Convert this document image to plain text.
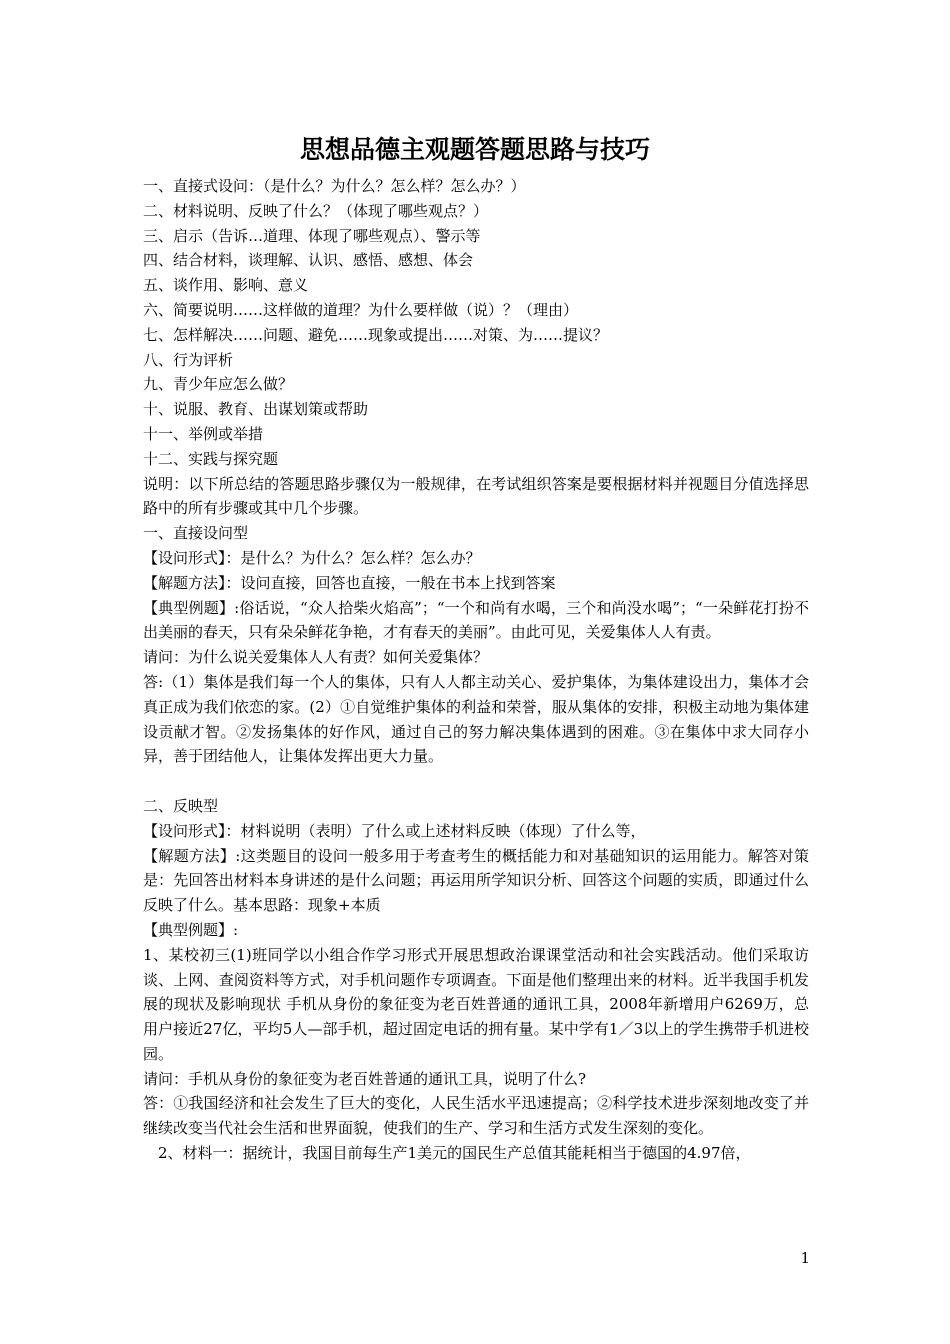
思想品德主观题答题思路与技巧

一、直接式设问：（是什么？为什么？怎么样？怎么办？）

二、材料说明、反映了什么？（体现了哪些观点？）

三、启示（告诉…道理、体现了哪些观点）、警示等

四、结合材料，谈理解、认识、感悟、感想、体会

五、谈作用、影响、意义

六、简要说明……这样做的道理？为什么要样做（说）？（理由）

七、怎样解决……问题、避免……现象或提出……对策、为……提议？

八、行为评析

九、青少年应怎么做？

十、说服、教育、出谋划策或帮助

十一、举例或举措

十二、实践与探究题

说明：以下所总结的答题思路步骤仅为一般规律，在考试组织答案是要根据材料并视题目分值选择思路中的所有步骤或其中几个步骤。

一、直接设问型

【设问形式】：是什么？为什么？怎么样？怎么办？

【解题方法】：设问直接，回答也直接，一般在书本上找到答案

【典型例题】:俗话说，“众人拾柴火焰高”；“一个和尚有水喝，三个和尚没水喝”；“一朵鲜花打扮不出美丽的春天，只有朵朵鲜花争艳，才有春天的美丽”。由此可见，关爱集体人人有责。

请问：为什么说关爱集体人人有责？如何关爱集体？

答:（1）集体是我们每一个人的集体，只有人人都主动关心、爱护集体，为集体建设出力，集体才会真正成为我们依恋的家。(2）①自觉维护集体的利益和荣誉，服从集体的安排，积极主动地为集体建设贡献才智。②发扬集体的好作风，通过自己的努力解决集体遇到的困难。③在集体中求大同存小异，善于团结他人，让集体发挥出更大力量。

二、反映型

【设问形式】：材料说明（表明）了什么或上述材料反映（体现）了什么等，

【解题方法】:这类题目的设问一般多用于考查考生的概括能力和对基础知识的运用能力。解答对策是：先回答出材料本身讲述的是什么问题；再运用所学知识分析、回答这个问题的实质，即通过什么反映了什么。基本思路：现象+本质

【典型例题】:

1、某校初三(1)班同学以小组合作学习形式开展思想政治课课堂活动和社会实践活动。他们采取访谈、上网、查阅资料等方式，对手机问题作专项调查。下面是他们整理出来的材料。近半我国手机发展的现状及影响现状 手机从身份的象征变为老百姓普通的通讯工具，2008年新增用户6269万，总用户接近27亿，平均5人—部手机，超过固定电话的拥有量。某中学有1／3以上的学生携带手机进校园。

请问：手机从身份的象征变为老百姓普通的通讯工具，说明了什么?

答：①我国经济和社会发生了巨大的变化，人民生活水平迅速提高；②科学技术进步深刻地改变了并继续改变当代社会生活和世界面貌，使我们的生产、学习和生活方式发生深刻的变化。

2、材料一：据统计，我国目前每生产1美元的国民生产总值其能耗相当于德国的4.97倍，

1
